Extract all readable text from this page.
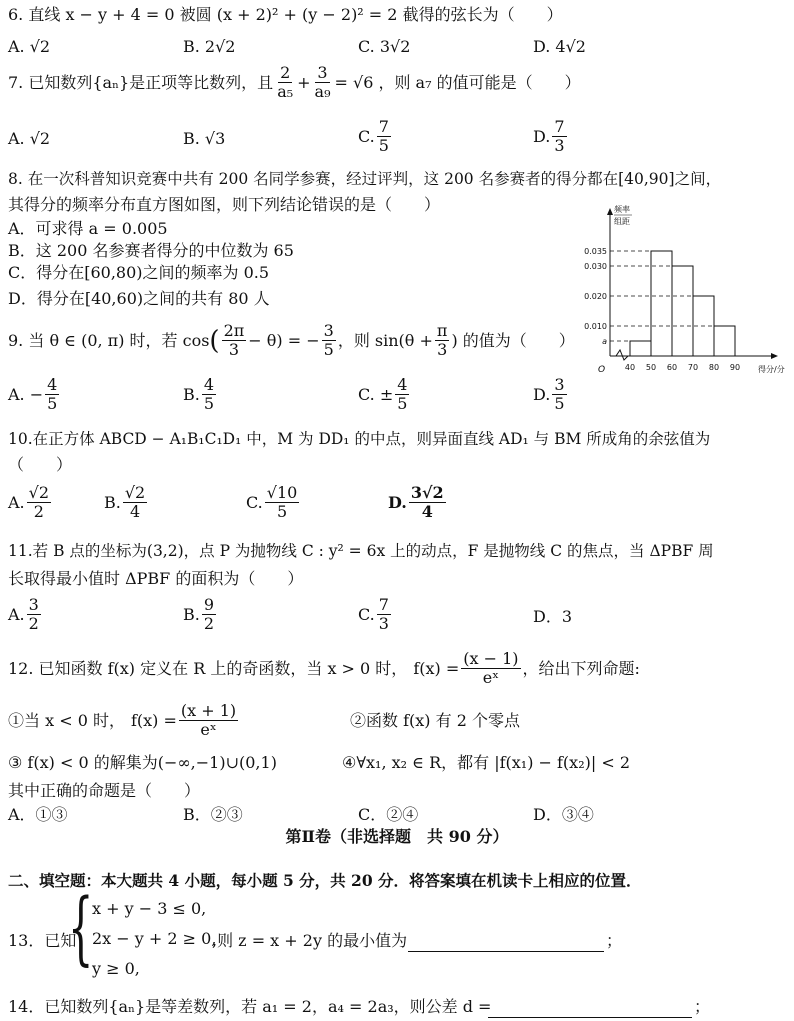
6. 直线 x − y + 4 = 0 被圆 (x + 2)² + (y − 2)² = 2 截得的弦长为（　　）
A. √2	B. 2√2	C. 3√2	D. 4√2
7. 已知数列{aₙ}是正项等比数列，且 $\frac{2}{\text{a₅}} + \frac{3}{\text{a₉}} = √6$ ，则 a₇ 的值可能是（　　）
A. √2	B. √3	C. $\frac{7}{5}$	D. $\frac{7}{3}$
8. 在一次科普知识竞赛中共有 200 名同学参赛，经过评判，这 200 名参赛者的得分都在[40,90]之间，
其得分的频率分布直方图如图，则下列结论错误的是（　　）
A．可求得 a = 0.005
B．这 200 名参赛者得分的中位数为 65
C．得分在[60,80)之间的频率为 0.5
D．得分在[40,60)之间的共有 80 人
频率
组距
得分/分
O
0.035
0.030
0.020
0.010
a
40 50 60 70 80 90
9. 当 θ ∈ (0, π) 时，若 cos ( $\frac{2\pi}{3} - \theta$) = − $\frac{3}{5}$ ，则 $\sin(\theta + \frac{\pi}{3}$ ) 的值为（　　）
A. − $\frac{4}{5}$	B. $\frac{4}{5}$	C. ± $\frac{4}{5}$	D. $\frac{3}{5}$
10.在正方体 ABCD − A₁B₁C₁D₁ 中，M 为 DD₁ 的中点，则异面直线 AD₁ 与 BM 所成角的余弦值为
（　　）
A. $\frac{√2}{2}$	B. $\frac{√2}{4}$	C. $\frac{√10}{5}$	D. $\frac{3√2}{4}$
11.若 B 点的坐标为(3,2)，点 P 为抛物线 C : y² = 6x 上的动点，F 是抛物线 C 的焦点，当 ΔPBF 周
长取得最小值时 ΔPBF 的面积为（　　）
A. $\frac{3}{2}$	B. $\frac{9}{2}$	C. $\frac{7}{3}$	D．3
12. 已知函数 f(x) 定义在 R 上的奇函数，当 x > 0 时， $f(x) = \frac{(x - 1)}{\text{eˣ}}$ ，给出下列命题:
①当 x < 0 时， $f(x) = \frac{(x + 1)}{\text{eˣ}}$	②函数 f(x) 有 2 个零点
③ f(x) < 0 的解集为(−∞,−1)∪(0,1)	④∀x₁, x₂ ∈ R，都有 |f(x₁) − f(x₂)| < 2
其中正确的命题是（　　）
A．①③	B．②③	C．②④	D．③④
第Ⅱ卷（非选择题　共 90 分）
二、填空题：本大题共 4 小题，每小题 5 分，共 20 分．将答案填在机读卡上相应的位置．
13．已知
{
x + y − 3 ≤ 0,
2x − y + 2 ≥ 0,
y ≥ 0,
,则 z = x + 2y 的最小值为	；
14．已知数列{aₙ}是等差数列，若 a₁ = 2，a₄ = 2a₃，则公差 d =	；
